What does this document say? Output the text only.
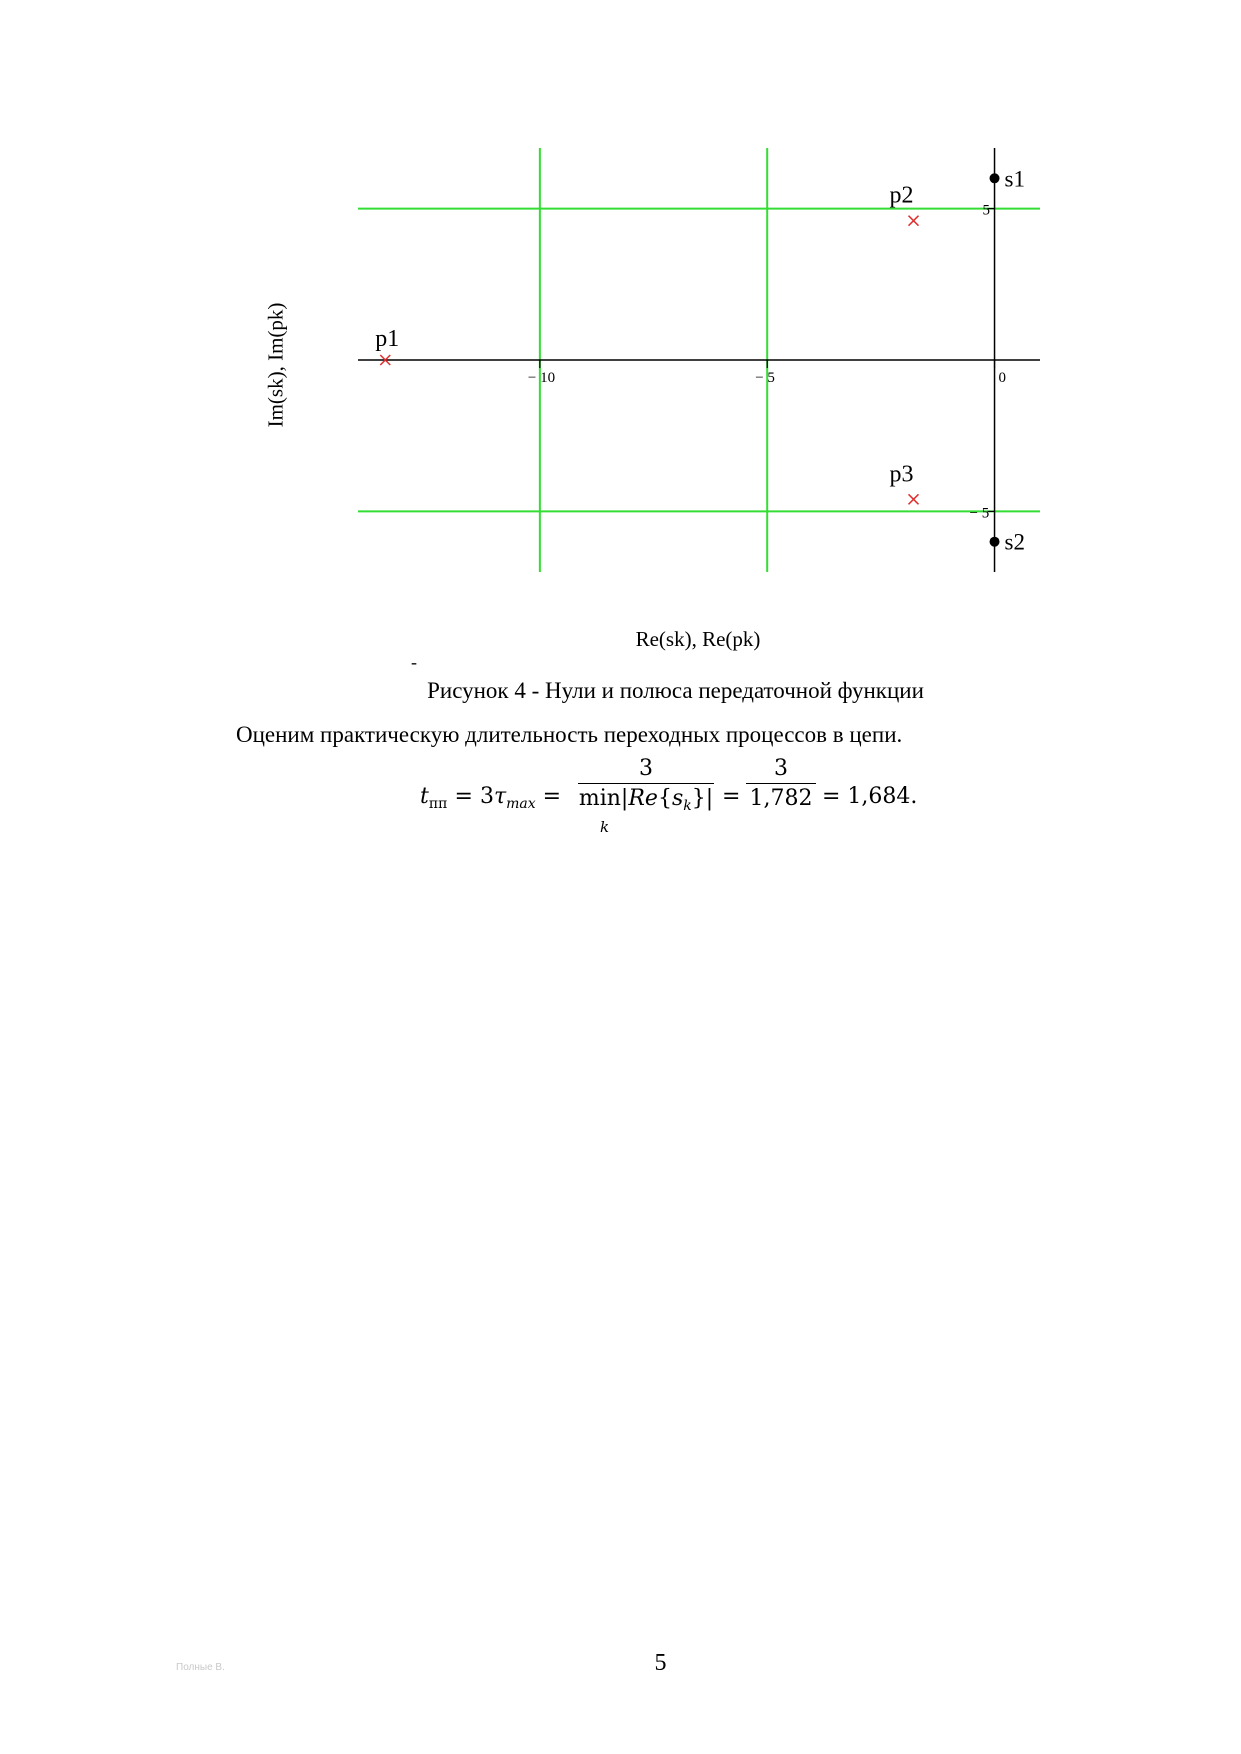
− 10	− 5	0
5
− 5
s1
s2
p1
p2
p3
Im(sk), Im(pk)
Re(sk), Re(pk)
-
Рисунок 4 - Нули и полюса передаточной функции
Оценим практическую длительность переходных процессов в цепи.
$t_{пп} = 3\tau_{max}$ =
3
$\min|Re\{s_k\}|$
k
=
3
1,782 = 1,684.
5
Полные В.
